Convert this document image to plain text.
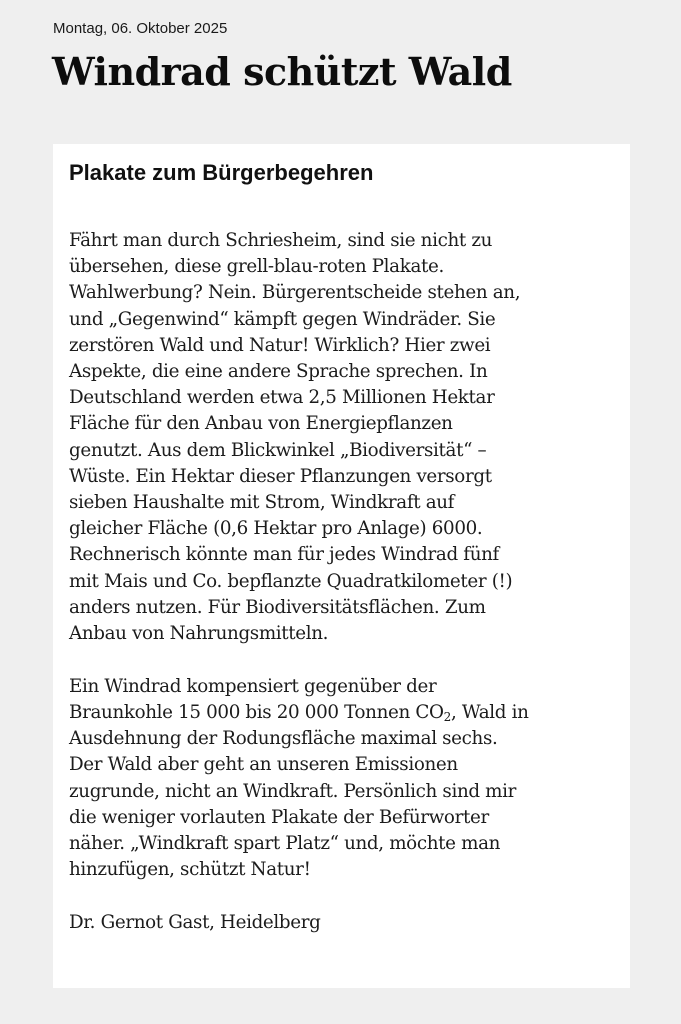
Montag, 06. Oktober 2025
Windrad schützt Wald
Plakate zum Bürgerbegehren
Fährt man durch Schriesheim, sind sie nicht zu
übersehen, diese grell-blau-roten Plakate.
Wahlwerbung? Nein. Bürgerentscheide stehen an,
und „Gegenwind“ kämpft gegen Windräder. Sie
zerstören Wald und Natur! Wirklich? Hier zwei
Aspekte, die eine andere Sprache sprechen. In
Deutschland werden etwa 2,5 Millionen Hektar
Fläche für den Anbau von Energiepflanzen
genutzt. Aus dem Blickwinkel „Biodiversität“ –
Wüste. Ein Hektar dieser Pflanzungen versorgt
sieben Haushalte mit Strom, Windkraft auf
gleicher Fläche (0,6 Hektar pro Anlage) 6000.
Rechnerisch könnte man für jedes Windrad fünf
mit Mais und Co. bepflanzte Quadratkilometer (!)
anders nutzen. Für Biodiversitätsflächen. Zum
Anbau von Nahrungsmitteln.
Ein Windrad kompensiert gegenüber der
Braunkohle 15 000 bis 20 000 Tonnen $CO_2$, Wald in
Ausdehnung der Rodungsfläche maximal sechs.
Der Wald aber geht an unseren Emissionen
zugrunde, nicht an Windkraft. Persönlich sind mir
die weniger vorlauten Plakate der Befürworter
näher. „Windkraft spart Platz“ und, möchte man
hinzufügen, schützt Natur!
Dr. Gernot Gast, Heidelberg
